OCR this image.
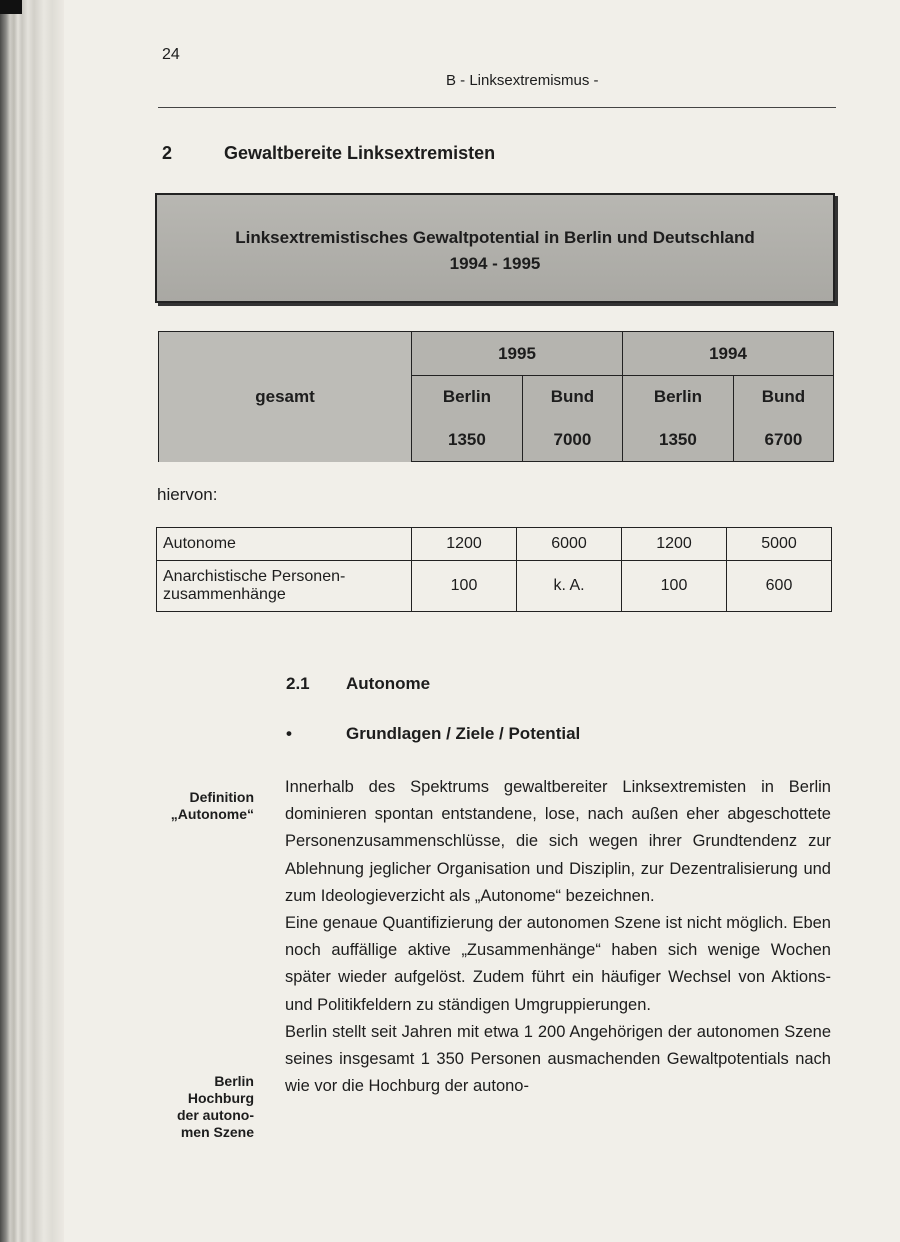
24
B - Linksextremismus -
2	Gewaltbereite Linksextremisten
Linksextremistisches Gewaltpotential in Berlin und Deutschland
1994 - 1995
gesamt	1995		1994	
	Berlin	Bund	Berlin	Bund
	1350	7000	1350	6700
hiervon:
Autonome	1200	6000	1200	5000

Anarchistische Personen-
zusammenhänge	100	k. A.	100	600
2.1 Autonome
•	Grundlagen / Ziele / Potential
Definition
„Autonome“
Berlin
Hochburg
der autono-
men Szene

Innerhalb des Spektrums gewaltbereiter Linksextremisten in Berlin dominieren spontan entstandene, lose, nach außen eher abgeschottete Personenzusammenschlüsse, die sich wegen ihrer Grundtendenz zur Ablehnung jeglicher Organisation und Disziplin, zur Dezentralisierung und zum Ideologieverzicht als „Autonome“ bezeichnen.

Eine genaue Quantifizierung der autonomen Szene ist nicht möglich. Eben noch auffällige aktive „Zusammenhänge“ haben sich wenige Wochen später wieder aufgelöst. Zudem führt ein häufiger Wechsel von Aktions- und Politikfeldern zu ständigen Umgruppierungen.

Berlin stellt seit Jahren mit etwa 1 200 Angehörigen der autonomen Szene seines insgesamt 1 350 Personen ausmachenden Gewaltpotentials nach wie vor die Hochburg der autono-
